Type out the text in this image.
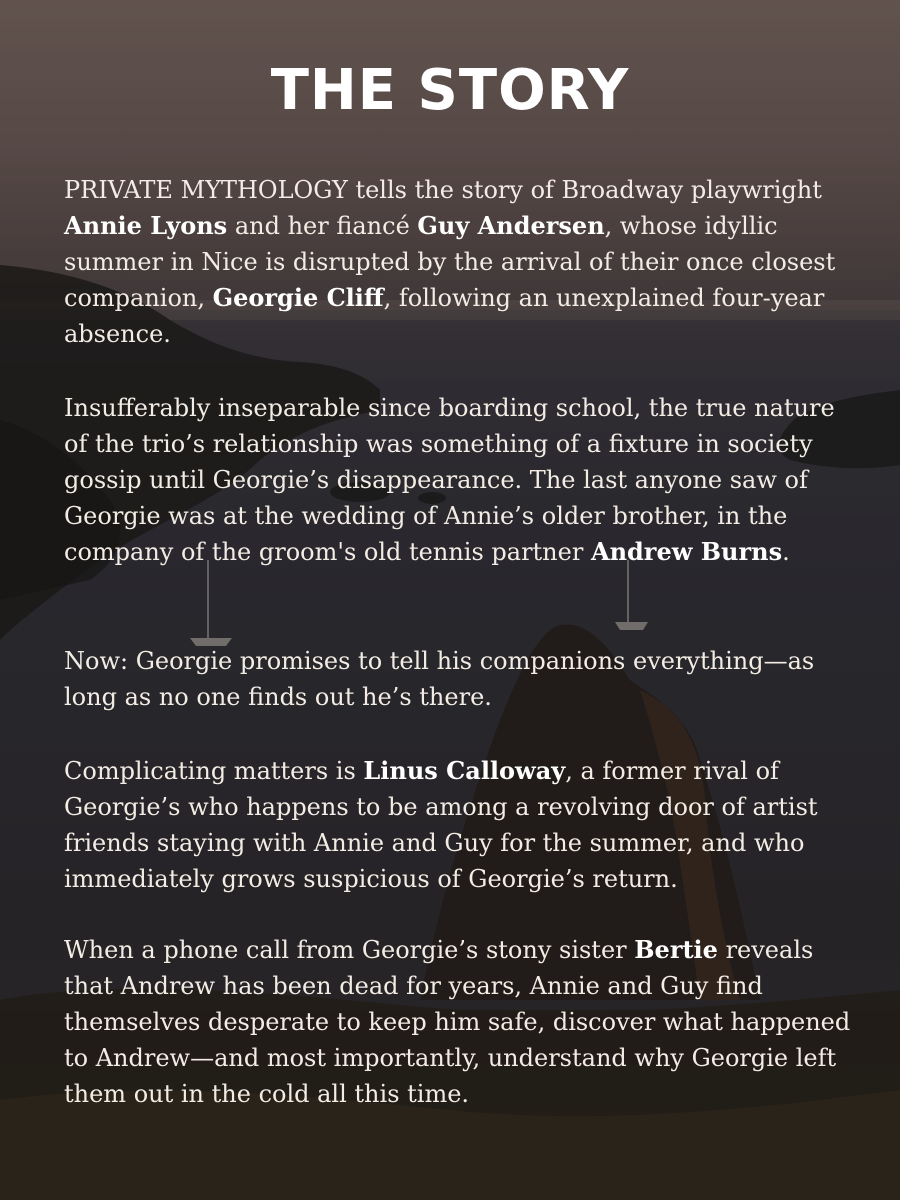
THE STORY

PRIVATE MYTHOLOGY tells the story of Broadway playwright Annie Lyons and her fiancé Guy Andersen, whose idyllic summer in Nice is disrupted by the arrival of their once closest companion, Georgie Cliff, following an unexplained four-year absence.

Insufferably inseparable since boarding school, the true nature of the trio’s relationship was something of a fixture in society gossip until Georgie’s disappearance. The last anyone saw of Georgie was at the wedding of Annie’s older brother, in the company of the groom's old tennis partner Andrew Burns.

Now: Georgie promises to tell his companions everything—as long as no one finds out he’s there.

Complicating matters is Linus Calloway, a former rival of Georgie’s who happens to be among a revolving door of artist friends staying with Annie and Guy for the summer, and who immediately grows suspicious of Georgie’s return.

When a phone call from Georgie’s stony sister Bertie reveals that Andrew has been dead for years, Annie and Guy find themselves desperate to keep him safe, discover what happened to Andrew—and most importantly, understand why Georgie left them out in the cold all this time.
